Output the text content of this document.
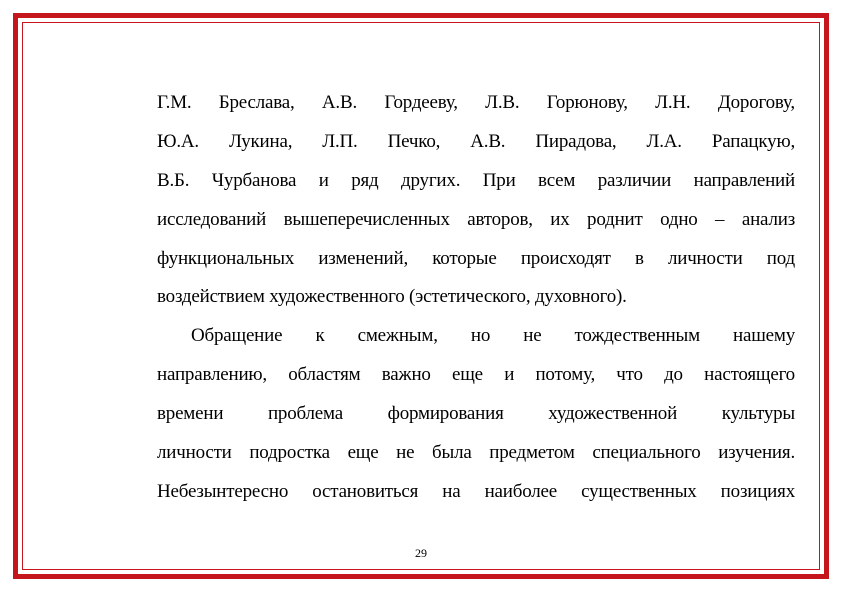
Г.М. Бреслава, А.В. Гордееву, Л.В. Горюнову, Л.Н. Дорогову,
Ю.А. Лукина, Л.П. Печко, А.В. Пирадова, Л.А. Рапацкую,
В.Б. Чурбанова и ряд других. При всем различии направлений
исследований вышеперечисленных авторов, их роднит одно – анализ
функциональных изменений, которые происходят в личности под
воздействием художественного (эстетического, духовного).
Обращение к смежным, но не тождественным нашему
направлению, областям важно еще и потому, что до настоящего
времени проблема формирования художественной культуры
личности подростка еще не была предметом специального изучения.
Небезынтересно остановиться на наиболее существенных позициях
29
